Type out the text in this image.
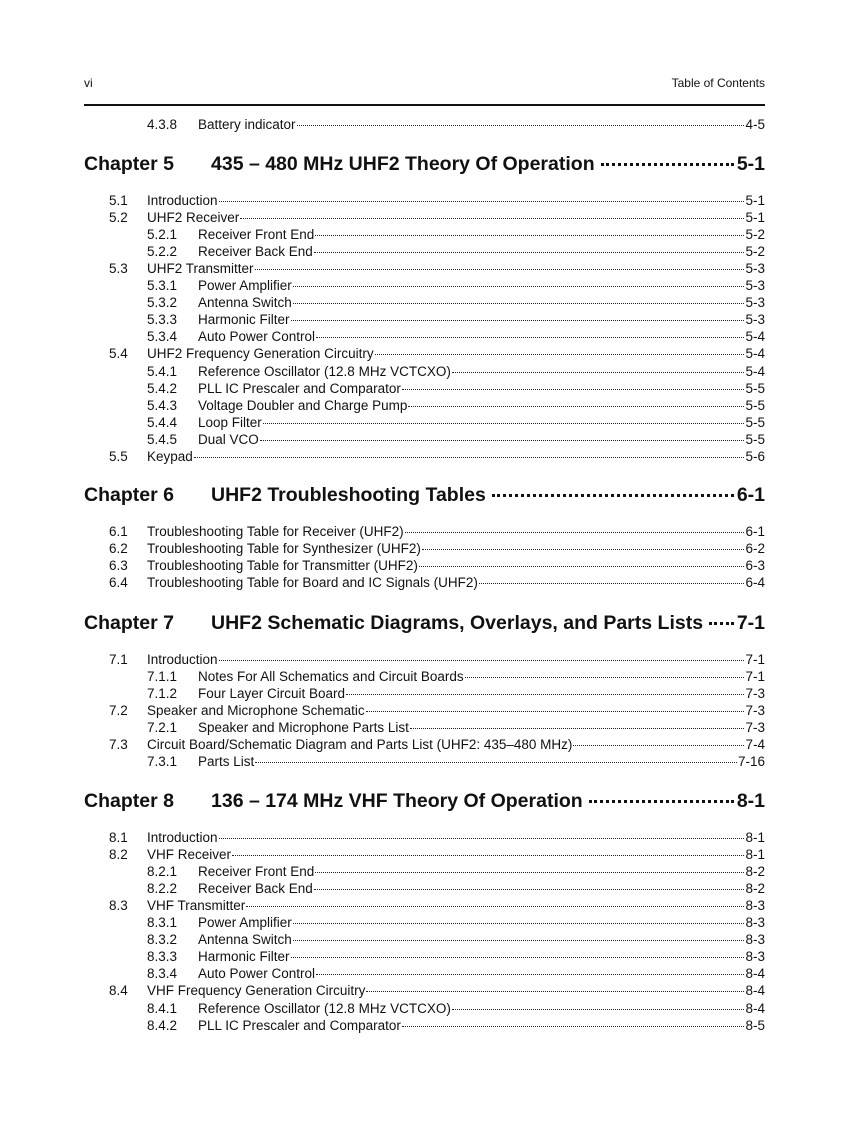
vi	Table of Contents
4.3.8	Battery indicator	4-5
Chapter 5	435 – 480 MHz UHF2 Theory Of Operation	5-1
5.1	Introduction	5-1
5.2	UHF2 Receiver	5-1
5.2.1	Receiver Front End	5-2
5.2.2	Receiver Back End	5-2
5.3	UHF2 Transmitter	5-3
5.3.1	Power Amplifier	5-3
5.3.2	Antenna Switch	5-3
5.3.3	Harmonic Filter	5-3
5.3.4	Auto Power Control	5-4
5.4	UHF2 Frequency Generation Circuitry	5-4
5.4.1	Reference Oscillator (12.8 MHz VCTCXO)	5-4
5.4.2	PLL IC Prescaler and Comparator	5-5
5.4.3	Voltage Doubler and Charge Pump	5-5
5.4.4	Loop Filter	5-5
5.4.5	Dual VCO	5-5
5.5	Keypad	5-6
Chapter 6	UHF2 Troubleshooting Tables	6-1
6.1	Troubleshooting Table for Receiver (UHF2)	6-1
6.2	Troubleshooting Table for Synthesizer (UHF2)	6-2
6.3	Troubleshooting Table for Transmitter (UHF2)	6-3
6.4	Troubleshooting Table for Board and IC Signals (UHF2)	6-4
Chapter 7	UHF2 Schematic Diagrams, Overlays, and Parts Lists 7-1
7.1	Introduction	7-1
7.1.1	Notes For All Schematics and Circuit Boards	7-1
7.1.2	Four Layer Circuit Board	7-3
7.2	Speaker and Microphone Schematic	7-3
7.2.1	Speaker and Microphone Parts List	7-3
7.3	Circuit Board/Schematic Diagram and Parts List (UHF2: 435–480 MHz)	7-4
7.3.1	Parts List	7-16
Chapter 8	136 – 174 MHz VHF Theory Of Operation	8-1
8.1	Introduction	8-1
8.2	VHF Receiver	8-1
8.2.1	Receiver Front End	8-2
8.2.2	Receiver Back End	8-2
8.3	VHF Transmitter	8-3
8.3.1	Power Amplifier	8-3
8.3.2	Antenna Switch	8-3
8.3.3	Harmonic Filter	8-3
8.3.4	Auto Power Control	8-4
8.4	VHF Frequency Generation Circuitry	8-4
8.4.1	Reference Oscillator (12.8 MHz VCTCXO)	8-4
8.4.2	PLL IC Prescaler and Comparator	8-5
